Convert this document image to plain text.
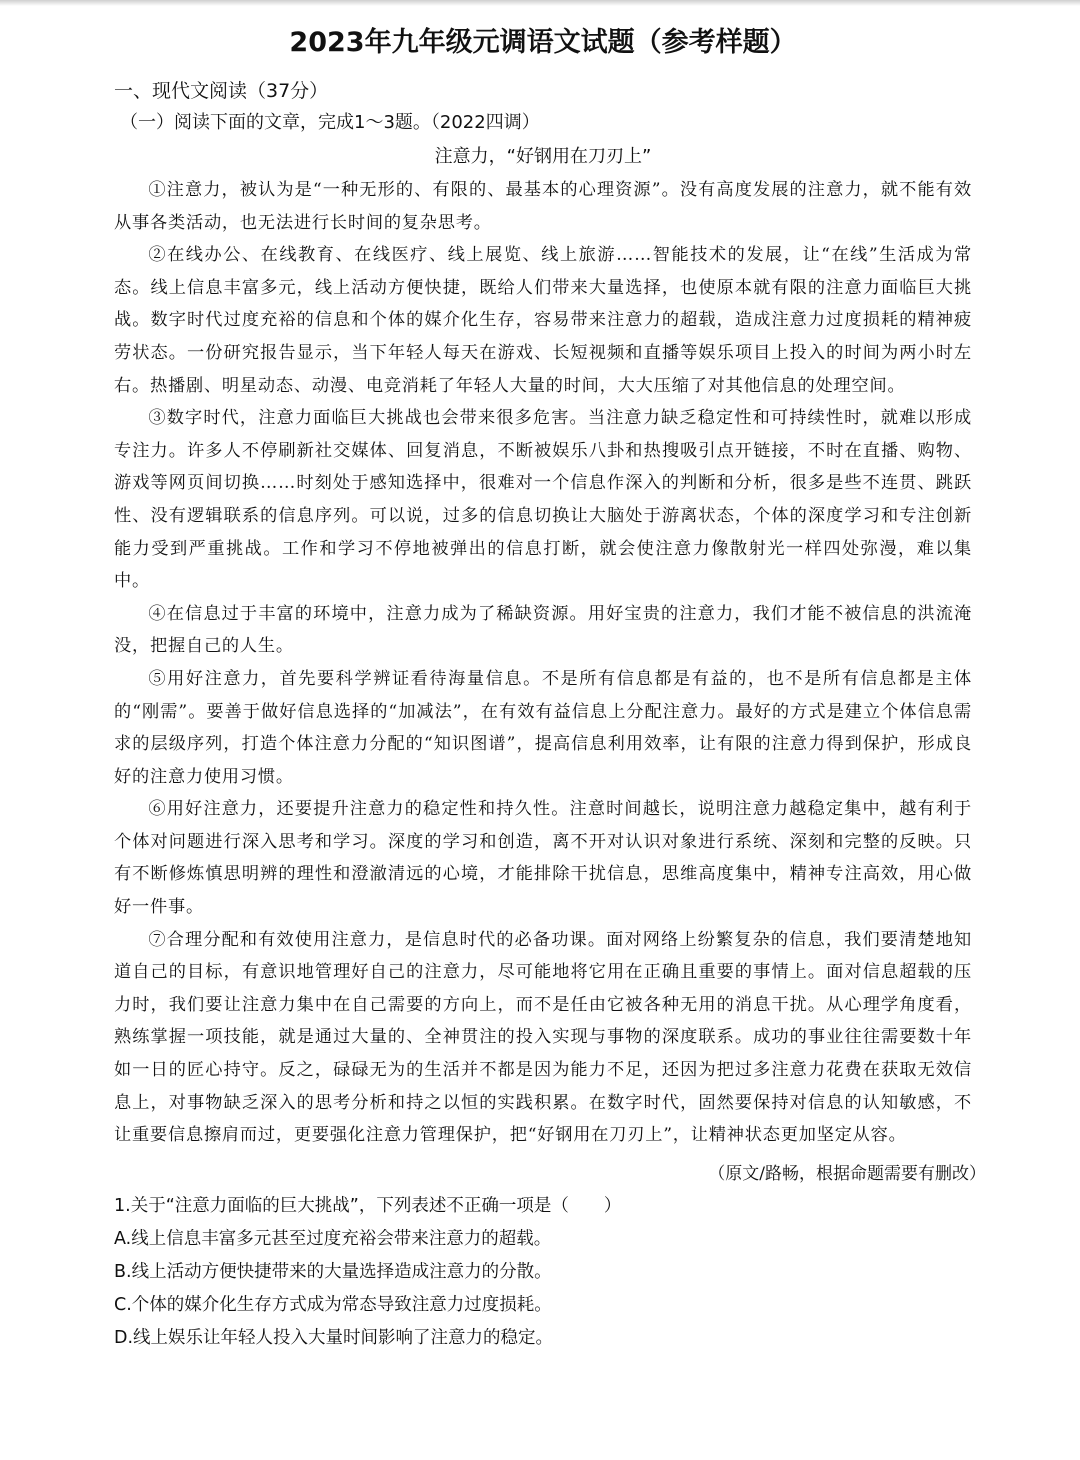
2023年九年级元调语文试题（参考样题）
一、现代文阅读（37分）
（一）阅读下面的文章，完成1～3题。（2022四调）
注意力，“好钢用在刀刃上”

①注意力，被认为是“一种无形的、有限的、最基本的心理资源”。没有高度发展的注意力，就不能有效从事各类活动，也无法进行长时间的复杂思考。

②在线办公、在线教育、在线医疗、线上展览、线上旅游……智能技术的发展，让“在线”生活成为常态。线上信息丰富多元，线上活动方便快捷，既给人们带来大量选择，也使原本就有限的注意力面临巨大挑战。数字时代过度充裕的信息和个体的媒介化生存，容易带来注意力的超载，造成注意力过度损耗的精神疲劳状态。一份研究报告显示，当下年轻人每天在游戏、长短视频和直播等娱乐项目上投入的时间为两小时左右。热播剧、明星动态、动漫、电竞消耗了年轻人大量的时间，大大压缩了对其他信息的处理空间。

③数字时代，注意力面临巨大挑战也会带来很多危害。当注意力缺乏稳定性和可持续性时，就难以形成专注力。许多人不停刷新社交媒体、回复消息，不断被娱乐八卦和热搜吸引点开链接，不时在直播、购物、游戏等网页间切换……时刻处于感知选择中，很难对一个信息作深入的判断和分析，很多是些不连贯、跳跃性、没有逻辑联系的信息序列。可以说，过多的信息切换让大脑处于游离状态，个体的深度学习和专注创新能力受到严重挑战。工作和学习不停地被弹出的信息打断，就会使注意力像散射光一样四处弥漫，难以集中。

④在信息过于丰富的环境中，注意力成为了稀缺资源。用好宝贵的注意力，我们才能不被信息的洪流淹没，把握自己的人生。

⑤用好注意力，首先要科学辨证看待海量信息。不是所有信息都是有益的，也不是所有信息都是主体的“刚需”。要善于做好信息选择的“加减法”，在有效有益信息上分配注意力。最好的方式是建立个体信息需求的层级序列，打造个体注意力分配的“知识图谱”，提高信息利用效率，让有限的注意力得到保护，形成良好的注意力使用习惯。

⑥用好注意力，还要提升注意力的稳定性和持久性。注意时间越长，说明注意力越稳定集中，越有利于个体对问题进行深入思考和学习。深度的学习和创造，离不开对认识对象进行系统、深刻和完整的反映。只有不断修炼慎思明辨的理性和澄澈清远的心境，才能排除干扰信息，思维高度集中，精神专注高效，用心做好一件事。

⑦合理分配和有效使用注意力，是信息时代的必备功课。面对网络上纷繁复杂的信息，我们要清楚地知道自己的目标，有意识地管理好自己的注意力，尽可能地将它用在正确且重要的事情上。面对信息超载的压力时，我们要让注意力集中在自己需要的方向上，而不是任由它被各种无用的消息干扰。从心理学角度看，熟练掌握一项技能，就是通过大量的、全神贯注的投入实现与事物的深度联系。成功的事业往往需要数十年如一日的匠心持守。反之，碌碌无为的生活并不都是因为能力不足，还因为把过多注意力花费在获取无效信息上，对事物缺乏深入的思考分析和持之以恒的实践积累。在数字时代，固然要保持对信息的认知敏感，不让重要信息擦肩而过，更要强化注意力管理保护，把“好钢用在刀刃上”，让精神状态更加坚定从容。

（原文/路畅，根据命题需要有删改）

1.关于“注意力面临的巨大挑战”，下列表述不正确一项是（　　）

A.线上信息丰富多元甚至过度充裕会带来注意力的超载。

B.线上活动方便快捷带来的大量选择造成注意力的分散。

C.个体的媒介化生存方式成为常态导致注意力过度损耗。

D.线上娱乐让年轻人投入大量时间影响了注意力的稳定。
